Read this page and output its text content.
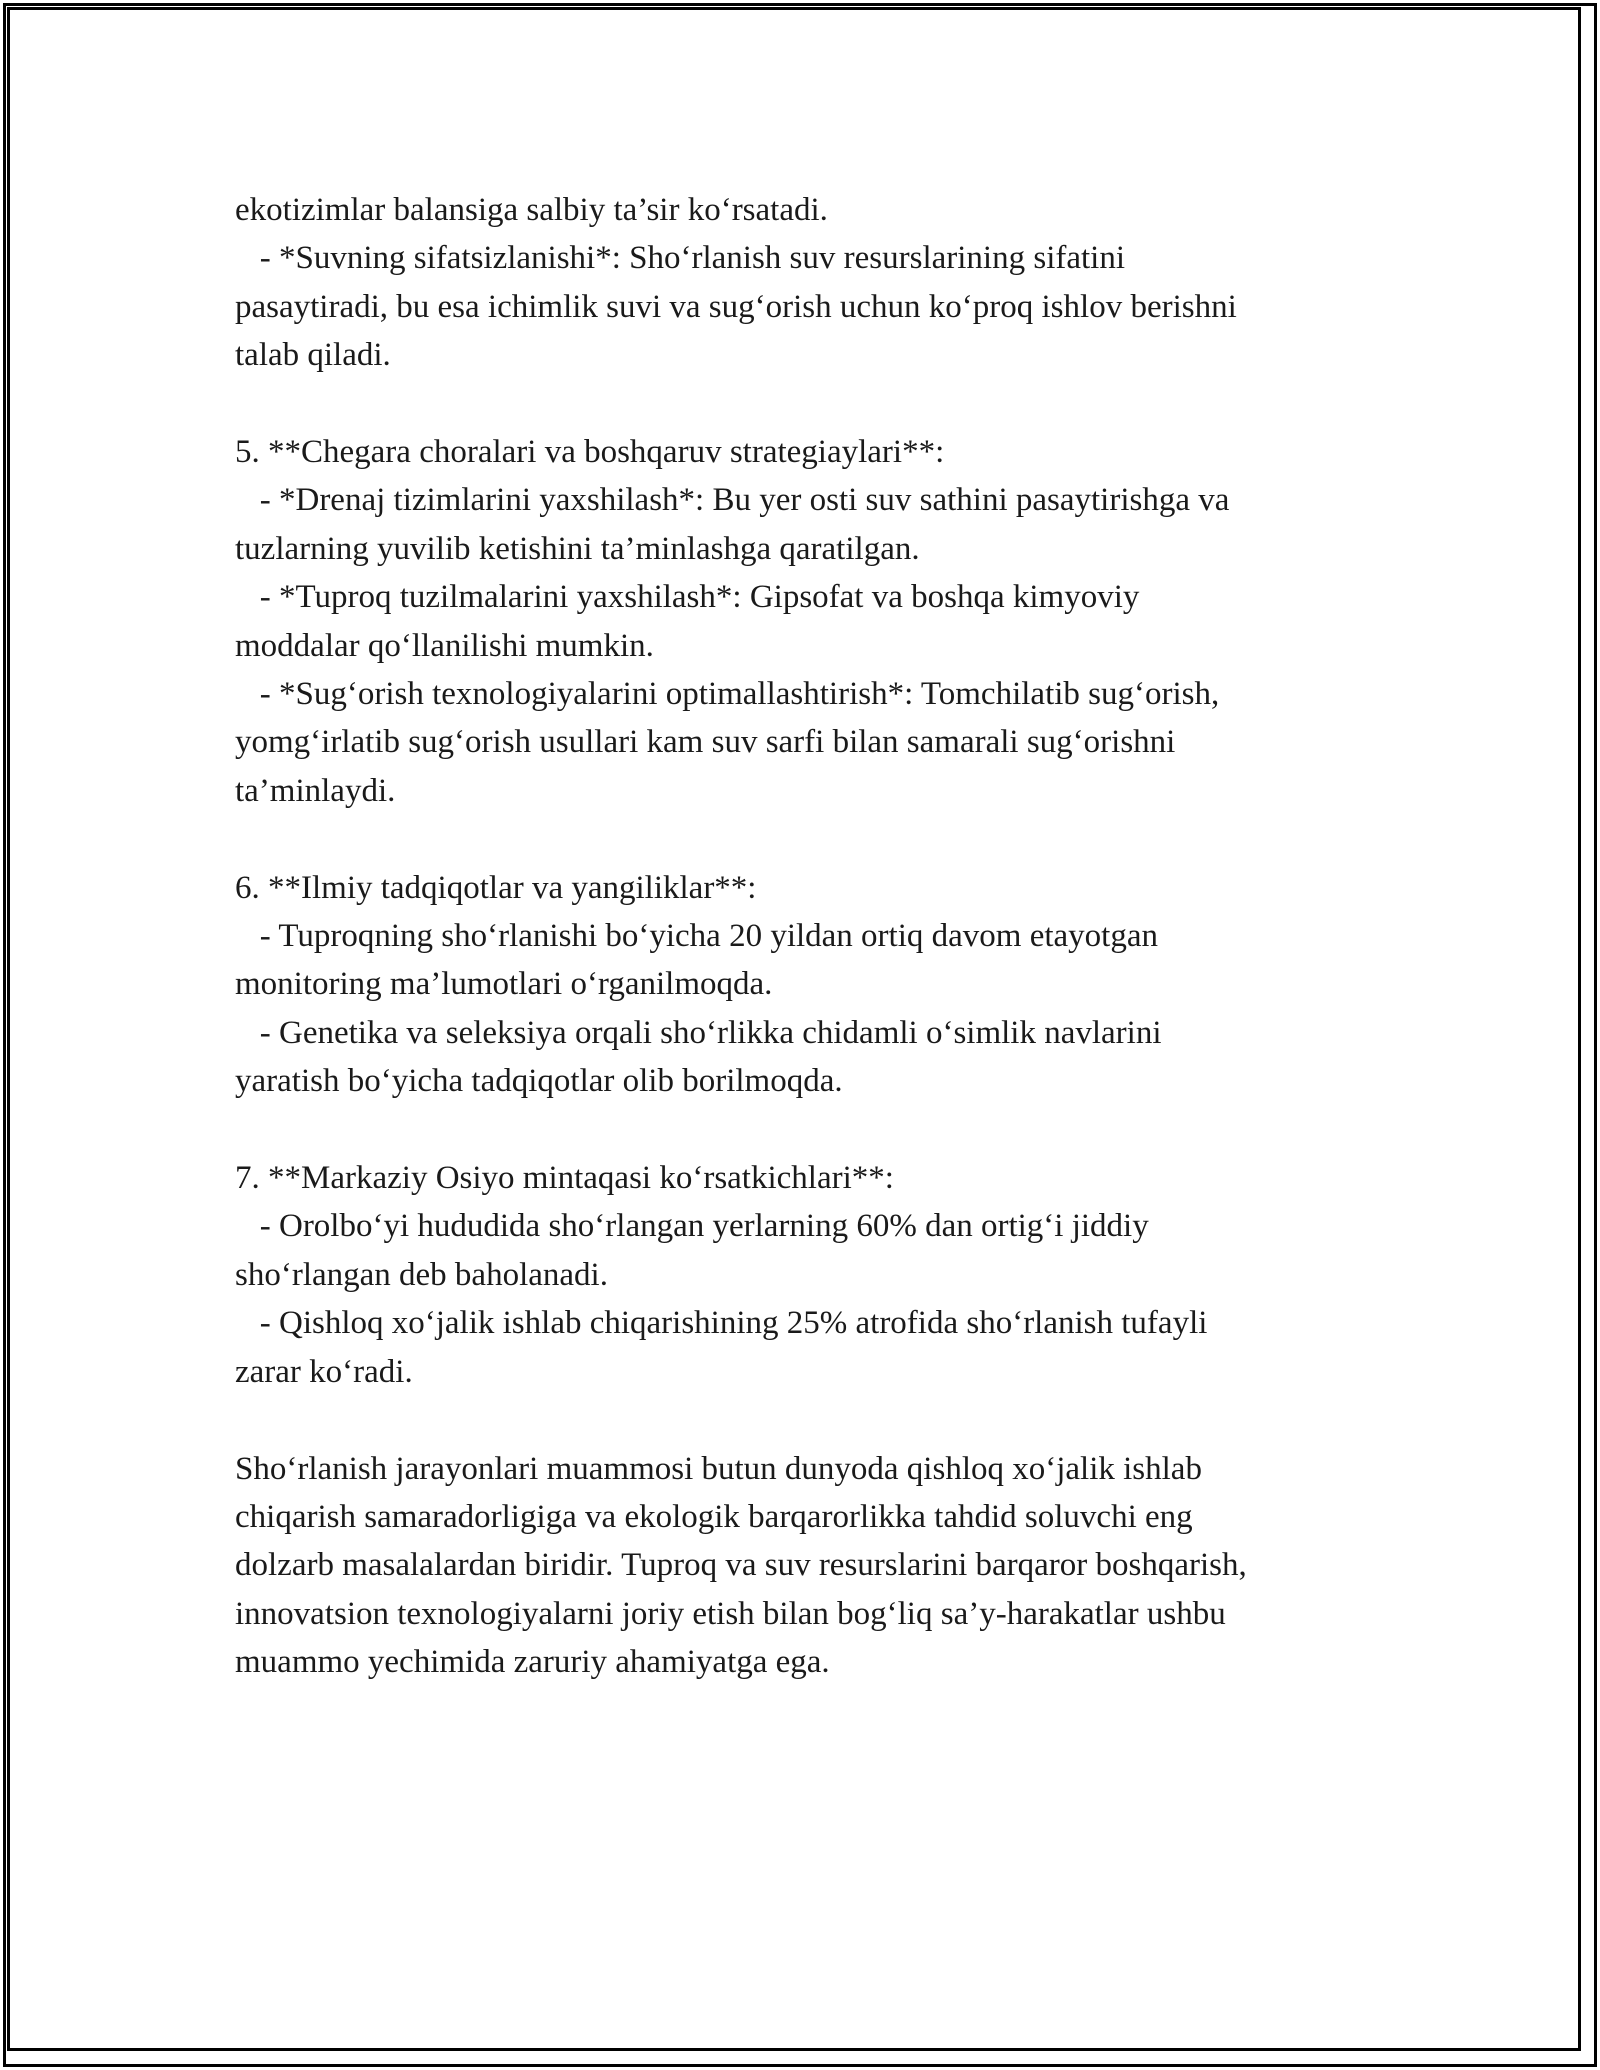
ekotizimlar balansiga salbiy ta’sir ko‘rsatadi.
- *Suvning sifatsizlanishi*: Sho‘rlanish suv resurslarining sifatini
pasaytiradi, bu esa ichimlik suvi va sug‘orish uchun ko‘proq ishlov berishni
talab qiladi.
5. **Chegara choralari va boshqaruv strategiaylari**:
- *Drenaj tizimlarini yaxshilash*: Bu yer osti suv sathini pasaytirishga va
tuzlarning yuvilib ketishini ta’minlashga qaratilgan.
- *Tuproq tuzilmalarini yaxshilash*: Gipsofat va boshqa kimyoviy
moddalar qo‘llanilishi mumkin.
- *Sug‘orish texnologiyalarini optimallashtirish*: Tomchilatib sug‘orish,
yomg‘irlatib sug‘orish usullari kam suv sarfi bilan samarali sug‘orishni
ta’minlaydi.
6. **Ilmiy tadqiqotlar va yangiliklar**:
- Tuproqning sho‘rlanishi bo‘yicha 20 yildan ortiq davom etayotgan
monitoring ma’lumotlari o‘rganilmoqda.
- Genetika va seleksiya orqali sho‘rlikka chidamli o‘simlik navlarini
yaratish bo‘yicha tadqiqotlar olib borilmoqda.
7. **Markaziy Osiyo mintaqasi ko‘rsatkichlari**:
- Orolbo‘yi hududida sho‘rlangan yerlarning 60% dan ortig‘i jiddiy
sho‘rlangan deb baholanadi.
- Qishloq xo‘jalik ishlab chiqarishining 25% atrofida sho‘rlanish tufayli
zarar ko‘radi.
Sho‘rlanish jarayonlari muammosi butun dunyoda qishloq xo‘jalik ishlab
chiqarish samaradorligiga va ekologik barqarorlikka tahdid soluvchi eng
dolzarb masalalardan biridir. Tuproq va suv resurslarini barqaror boshqarish,
innovatsion texnologiyalarni joriy etish bilan bog‘liq sa’y-harakatlar ushbu
muammo yechimida zaruriy ahamiyatga ega.
